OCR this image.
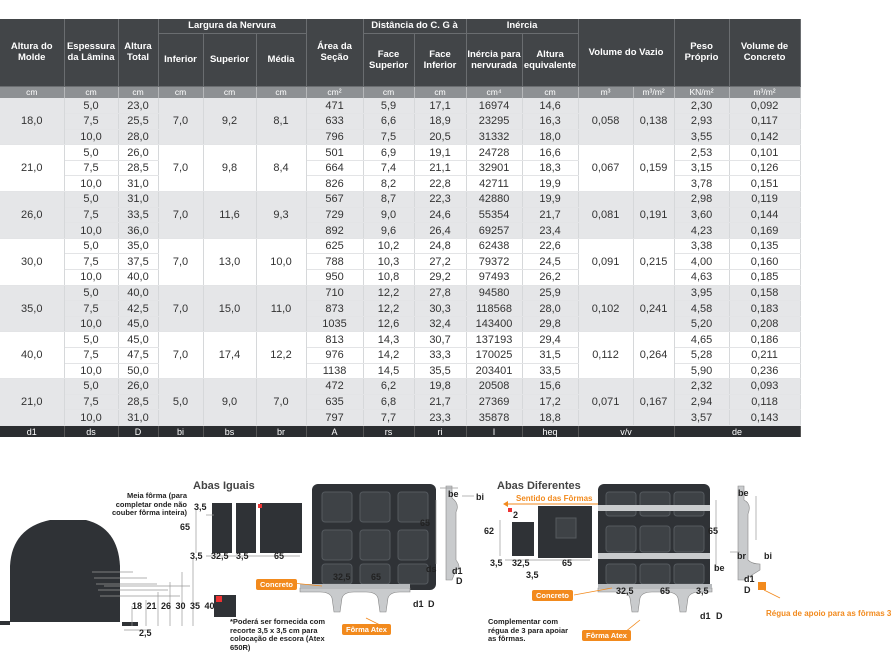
Altura do Molde	Espessura da Lâmina	Altura Total	Largura da Nervura			Área da Seção	Distância do C. G à		Inércia		Volume do Vazio		Peso Próprio	Volume de Concreto
			Inferior	Superior	Média		Face Superior	Face Inferior	Inércia para nervurada	Altura equivalente				
cm	cm	cm	cm	cm	cm	cm²	cm	cm	cm⁴	cm	m³	m³/m²	KN/m²	m³/m²
18,0	5,0	23,0	7,0	9,2	8,1	471	5,9	17,1	16974	14,6	0,058	0,138	2,30	0,092
	7,5	25,5				633	6,6	18,9	23295	16,3			2,93	0,117
	10,0	28,0				796	7,5	20,5	31332	18,0			3,55	0,142
21,0	5,0	26,0	7,0	9,8	8,4	501	6,9	19,1	24728	16,6	0,067	0,159	2,53	0,101
	7,5	28,5				664	7,4	21,1	32901	18,3			3,15	0,126
	10,0	31,0				826	8,2	22,8	42711	19,9			3,78	0,151
26,0	5,0	31,0	7,0	11,6	9,3	567	8,7	22,3	42880	19,9	0,081	0,191	2,98	0,119
	7,5	33,5				729	9,0	24,6	55354	21,7			3,60	0,144
	10,0	36,0				892	9,6	26,4	69257	23,4			4,23	0,169
30,0	5,0	35,0	7,0	13,0	10,0	625	10,2	24,8	62438	22,6	0,091	0,215	3,38	0,135
	7,5	37,5				788	10,3	27,2	79372	24,5			4,00	0,160
	10,0	40,0				950	10,8	29,2	97493	26,2			4,63	0,185
35,0	5,0	40,0	7,0	15,0	11,0	710	12,2	27,8	94580	25,9	0,102	0,241	3,95	0,158
	7,5	42,5				873	12,2	30,3	118568	28,0			4,58	0,183
	10,0	45,0				1035	12,6	32,4	143400	29,8			5,20	0,208
40,0	5,0	45,0	7,0	17,4	12,2	813	14,3	30,7	137193	29,4	0,112	0,264	4,65	0,186
	7,5	47,5				976	14,2	33,3	170025	31,5			5,28	0,211
	10,0	50,0				1138	14,5	35,5	203401	33,5			5,90	0,236
21,0	5,0	26,0	5,0	9,0	7,0	472	6,2	19,8	20508	15,6	0,071	0,167	2,32	0,093
	7,5	28,5				635	6,8	21,7	27369	17,2			2,94	0,118
	10,0	31,0				797	7,7	23,3	35878	18,8			3,57	0,143
d1	ds	D	bi	bs	br	A	rs	ri	I	heq	v/v		de	
Abas Iguais	Abas Diferentes
Meia fôrma (para completar onde não couber fôrma inteira)
*Poderá ser fornecida com recorte 3,5 x 3,5 cm para colocação de escora (Atex 650R)
Complementar com régua de 3 para apoiar as fôrmas.
Concreto
Fôrma Atex
Concreto
Fôrma Atex
Sentido das Fôrmas
Régua de apoio para as fôrmas 3
18 21 26 30 35 40
2,5
3,5
65
3,5 32,5 3,5	65
be bi
65
ds d1
D
32,5 65
d1 D
2
62
3,5 32,5	65
3,5
be
65
br bi
be
d1
D
32,5	65	3,5
d1 D
